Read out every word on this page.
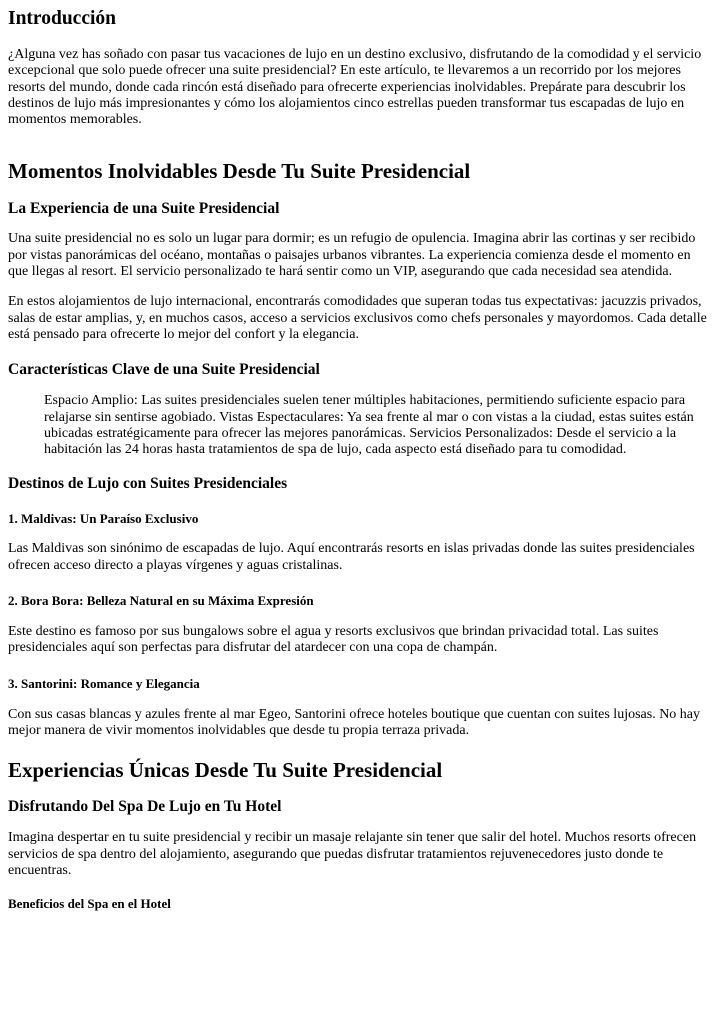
Introducción

¿Alguna vez has soñado con pasar tus vacaciones de lujo en un destino exclusivo, disfrutando de la comodidad y el servicio excepcional que solo puede ofrecer una suite presidencial? En este artículo, te llevaremos a un recorrido por los mejores resorts del mundo, donde cada rincón está diseñado para ofrecerte experiencias inolvidables. Prepárate para descubrir los destinos de lujo más impresionantes y cómo los alojamientos cinco estrellas pueden transformar tus escapadas de lujo en momentos memorables.

Momentos Inolvidables Desde Tu Suite Presidencial
La Experiencia de una Suite Presidencial

Una suite presidencial no es solo un lugar para dormir; es un refugio de opulencia. Imagina abrir las cortinas y ser recibido por vistas panorámicas del océano, montañas o paisajes urbanos vibrantes. La experiencia comienza desde el momento en que llegas al resort. El servicio personalizado te hará sentir como un VIP, asegurando que cada necesidad sea atendida.

En estos alojamientos de lujo internacional, encontrarás comodidades que superan todas tus expectativas: jacuzzis privados, salas de estar amplias, y, en muchos casos, acceso a servicios exclusivos como chefs personales y mayordomos. Cada detalle está pensado para ofrecerte lo mejor del confort y la elegancia.

Características Clave de una Suite Presidencial

Espacio Amplio: Las suites presidenciales suelen tener múltiples habitaciones, permitiendo suficiente espacio para relajarse sin sentirse agobiado. Vistas Espectaculares: Ya sea frente al mar o con vistas a la ciudad, estas suites están ubicadas estratégicamente para ofrecer las mejores panorámicas. Servicios Personalizados: Desde el servicio a la habitación las 24 horas hasta tratamientos de spa de lujo, cada aspecto está diseñado para tu comodidad.

Destinos de Lujo con Suites Presidenciales
1. Maldivas: Un Paraíso Exclusivo

Las Maldivas son sinónimo de escapadas de lujo. Aquí encontrarás resorts en islas privadas donde las suites presidenciales ofrecen acceso directo a playas vírgenes y aguas cristalinas.

2. Bora Bora: Belleza Natural en su Máxima Expresión

Este destino es famoso por sus bungalows sobre el agua y resorts exclusivos que brindan privacidad total. Las suites presidenciales aquí son perfectas para disfrutar del atardecer con una copa de champán.

3. Santorini: Romance y Elegancia

Con sus casas blancas y azules frente al mar Egeo, Santorini ofrece hoteles boutique que cuentan con suites lujosas. No hay mejor manera de vivir momentos inolvidables que desde tu propia terraza privada.

Experiencias Únicas Desde Tu Suite Presidencial
Disfrutando Del Spa De Lujo en Tu Hotel

Imagina despertar en tu suite presidencial y recibir un masaje relajante sin tener que salir del hotel. Muchos resorts ofrecen servicios de spa dentro del alojamiento, asegurando que puedas disfrutar tratamientos rejuvenecedores justo donde te encuentras.

Beneficios del Spa en el Hotel
